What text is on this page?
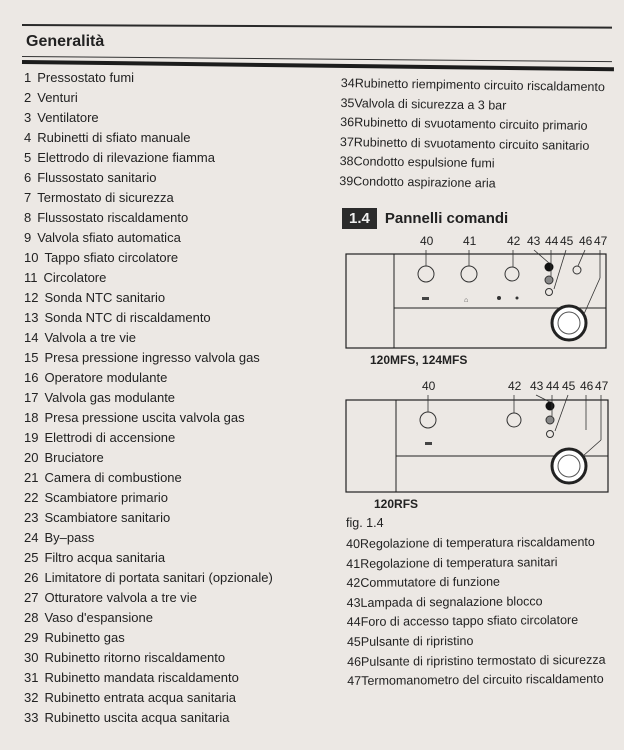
Generalità
1 Pressostato fumi
2 Venturi
3 Ventilatore
4 Rubinetti di sfiato manuale
5 Elettrodo di rilevazione fiamma
6 Flussostato sanitario
7 Termostato di sicurezza
8 Flussostato riscaldamento
9 Valvola sfiato automatica
10 Tappo sfiato circolatore
11 Circolatore
12 Sonda NTC sanitario
13 Sonda NTC di riscaldamento
14 Valvola a tre vie
15 Presa pressione ingresso valvola gas
16 Operatore modulante
17 Valvola gas modulante
18 Presa pressione uscita valvola gas
19 Elettrodi di accensione
20 Bruciatore
21 Camera di combustione
22 Scambiatore primario
23 Scambiatore sanitario
24 By–pass
25 Filtro acqua sanitaria
26 Limitatore di portata sanitari (opzionale)
27 Otturatore valvola a tre vie
28 Vaso d'espansione
29 Rubinetto gas
30 Rubinetto ritorno riscaldamento
31 Rubinetto mandata riscaldamento
32 Rubinetto entrata acqua sanitaria
33 Rubinetto uscita acqua sanitaria
34Rubinetto riempimento circuito riscaldamento
35Valvola di sicurezza a 3 bar
36Rubinetto di svuotamento circuito primario
37Rubinetto di svuotamento circuito sanitario
38Condotto espulsione fumi
39Condotto aspirazione aria
1.4	Pannelli comandi
40 41	42 43 44 45 46 47
⌂
120MFS, 124MFS
40	42 43 44 45 46 47
120RFS
fig. 1.4
40Regolazione di temperatura riscaldamento
41Regolazione di temperatura sanitari
42Commutatore di funzione
43Lampada di segnalazione blocco
44Foro di accesso tappo sfiato circolatore
45Pulsante di ripristino
46Pulsante di ripristino termostato di sicurezza
47Termomanometro del circuito riscaldamento
